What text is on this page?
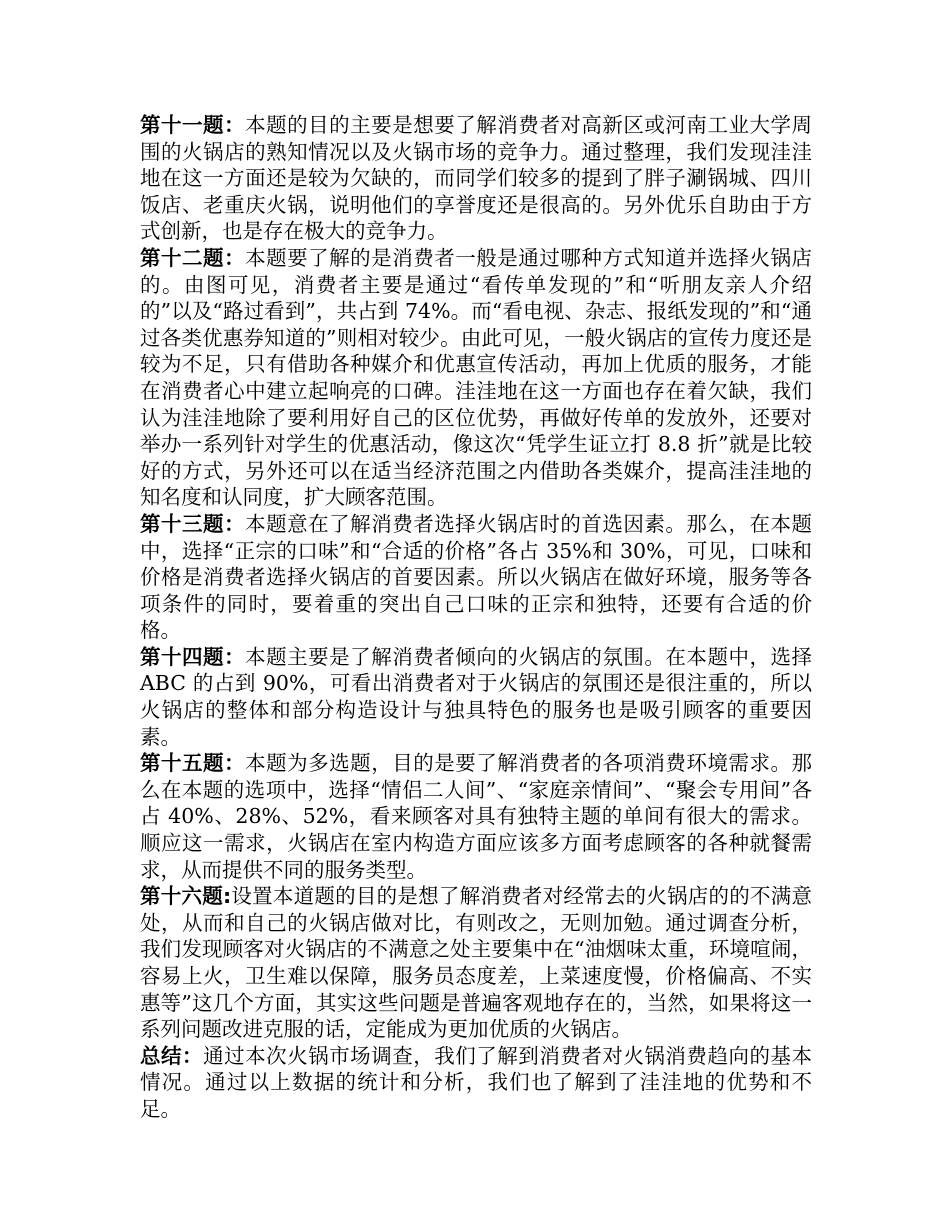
第十一题：本题的目的主要是想要了解消费者对高新区或河南工业大学周围的火锅店的熟知情况以及火锅市场的竞争力。通过整理，我们发现洼洼地在这一方面还是较为欠缺的，而同学们较多的提到了胖子涮锅城、四川饭店、老重庆火锅，说明他们的享誉度还是很高的。另外优乐自助由于方式创新，也是存在极大的竞争力。

第十二题：本题要了解的是消费者一般是通过哪种方式知道并选择火锅店的。由图可见，消费者主要是通过“看传单发现的”和“听朋友亲人介绍的”以及“路过看到”，共占到 74%。而“看电视、杂志、报纸发现的”和“通过各类优惠券知道的”则相对较少。由此可见，一般火锅店的宣传力度还是较为不足，只有借助各种媒介和优惠宣传活动，再加上优质的服务，才能在消费者心中建立起响亮的口碑。洼洼地在这一方面也存在着欠缺，我们认为洼洼地除了要利用好自己的区位优势，再做好传单的发放外，还要对举办一系列针对学生的优惠活动，像这次“凭学生证立打 8.8 折”就是比较好的方式，另外还可以在适当经济范围之内借助各类媒介，提高洼洼地的知名度和认同度，扩大顾客范围。

第十三题：本题意在了解消费者选择火锅店时的首选因素。那么，在本题中，选择“正宗的口味”和“合适的价格”各占 35%和 30%，可见，口味和价格是消费者选择火锅店的首要因素。所以火锅店在做好环境，服务等各项条件的同时，要着重的突出自己口味的正宗和独特，还要有合适的价格。

第十四题：本题主要是了解消费者倾向的火锅店的氛围。在本题中，选择 ABC 的占到 90%，可看出消费者对于火锅店的氛围还是很注重的，所以火锅店的整体和部分构造设计与独具特色的服务也是吸引顾客的重要因素。

第十五题：本题为多选题，目的是要了解消费者的各项消费环境需求。那么在本题的选项中，选择“情侣二人间”、“家庭亲情间”、“聚会专用间”各占 40%、28%、52%，看来顾客对具有独特主题的单间有很大的需求。顺应这一需求，火锅店在室内构造方面应该多方面考虑顾客的各种就餐需求，从而提供不同的服务类型。

第十六题:设置本道题的目的是想了解消费者对经常去的火锅店的的不满意处，从而和自己的火锅店做对比，有则改之，无则加勉。通过调查分析，我们发现顾客对火锅店的不满意之处主要集中在“油烟味太重，环境喧闹，容易上火，卫生难以保障，服务员态度差，上菜速度慢，价格偏高、不实惠等”这几个方面，其实这些问题是普遍客观地存在的，当然，如果将这一系列问题改进克服的话，定能成为更加优质的火锅店。

总结：通过本次火锅市场调查，我们了解到消费者对火锅消费趋向的基本情况。通过以上数据的统计和分析，我们也了解到了洼洼地的优势和不足。
